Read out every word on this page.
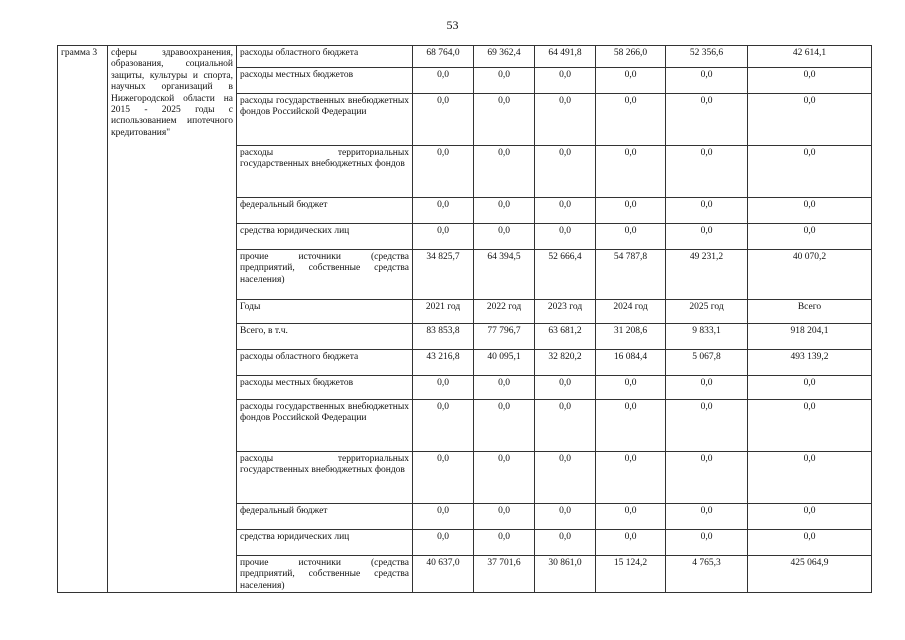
53
грамма 3	сферы здравоохранения, образования, социальной защиты, культуры и спорта, научных организаций в Нижегородской области на 2015 - 2025 годы с использованием ипотечного кредитования"	расходы областного бюджета	68 764,0	69 362,4	64 491,8	58 266,0	52 356,6	42 614,1
		расходы местных бюджетов	0,0	0,0	0,0	0,0	0,0	0,0
		расходы государственных внебюджетных фондов Российской Федерации	0,0	0,0	0,0	0,0	0,0	0,0
		расходы территориальных государственных внебюджетных фондов	0,0	0,0	0,0	0,0	0,0	0,0
		федеральный бюджет	0,0	0,0	0,0	0,0	0,0	0,0
		средства юридических лиц	0,0	0,0	0,0	0,0	0,0	0,0
		прочие источники (средства предприятий, собственные средства населения)	34 825,7	64 394,5	52 666,4	54 787,8	49 231,2	40 070,2
		Годы	2021 год	2022 год	2023 год	2024 год	2025 год	Всего
		Всего, в т.ч.	83 853,8	77 796,7	63 681,2	31 208,6	9 833,1	918 204,1
		расходы областного бюджета	43 216,8	40 095,1	32 820,2	16 084,4	5 067,8	493 139,2
		расходы местных бюджетов	0,0	0,0	0,0	0,0	0,0	0,0
		расходы государственных внебюджетных фондов Российской Федерации	0,0	0,0	0,0	0,0	0,0	0,0
		расходы территориальных государственных внебюджетных фондов	0,0	0,0	0,0	0,0	0,0	0,0
		федеральный бюджет	0,0	0,0	0,0	0,0	0,0	0,0
		средства юридических лиц	0,0	0,0	0,0	0,0	0,0	0,0
		прочие источники (средства предприятий, собственные средства населения)	40 637,0	37 701,6	30 861,0	15 124,2	4 765,3	425 064,9
